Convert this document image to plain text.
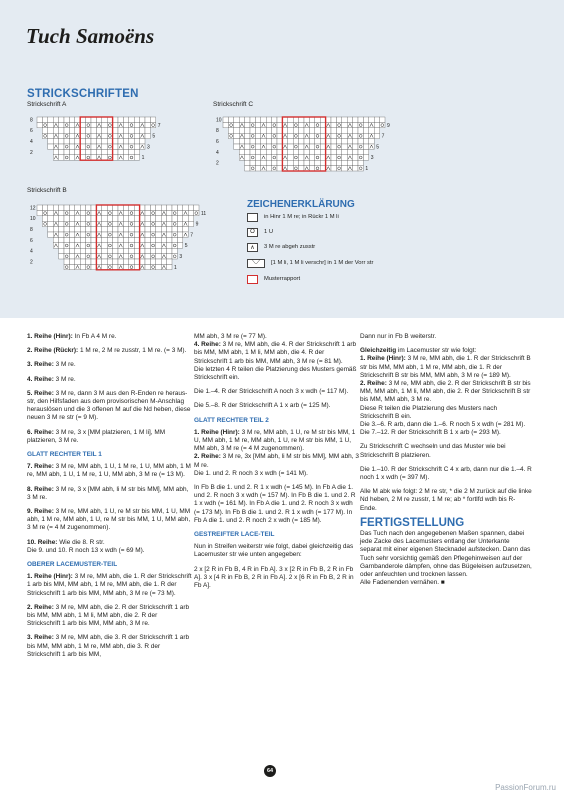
Tuch Samoëns
STRICKSCHRIFTEN
Strickschrift A
8
6
4
2
7
5
3
1
Strickschrift C
10
8
6
4
2
9
7
5
3
1
Strickschrift B
12
10
8
6
4
2
11
9
7
5
3
1
ZEICHENERKLÄRUNG
in Hinr 1 M re; in Rückr 1 M li
O	1 U
∧	3 M re abgeh zusstr
⟍⟋	[1 M li, 1 M li verschr] in 1 M der Vorr str
Musterrapport

1. Reihe (Hinr): In Fb A 4 M re.

2. Reihe (Rückr): 1 M re, 2 M re zusstr, 1 M re. (= 3 M).

3. Reihe: 3 M re.

4. Reihe: 3 M re.

5. Reihe: 3 M re, dann 3 M aus den R-Enden re herausstr, den Hilfsfaden aus dem provisorischen M-Anschlag herauslösen und die 3 offenen M auf die Nd heben, diese neuen 3 M re str (= 9 M).

6. Reihe: 3 M re, 3 x [MM platzieren, 1 M li], MM platzieren, 3 M re.

GLATT RECHTER TEIL 1

7. Reihe: 3 M re, MM abh, 1 U, 1 M re, 1 U, MM abh, 1 M re, MM abh, 1 U, 1 M re, 1 U, MM abh, 3 M re (= 13 M).

8. Reihe: 3 M re, 3 x [MM abh, li M str bis MM], MM abh, 3 M re.

9. Reihe: 3 M re, MM abh, 1 U, re M str bis MM, 1 U, MM abh, 1 M re, MM abh, 1 U, re M str bis MM, 1 U, MM abh, 3 M re (= 4 M zugenommen).

10. Reihe: Wie die 8. R str.

Die 9. und 10. R noch 13 x wdh (= 69 M).

OBERER LACEMUSTER-TEIL

1. Reihe (Hinr): 3 M re, MM abh, die 1. R der Strickschrift 1 arb bis MM, MM abh, 1 M re, MM abh, die 1. R der Strickschrift 1 arb bis MM, MM abh, 3 M re (= 73 M).

2. Reihe: 3 M re, MM abh, die 2. R der Strickschrift 1 arb bis MM, MM abh, 1 M li, MM abh, die 2. R der Strickschrift 1 arb bis MM, MM abh, 3 M re.

3. Reihe: 3 M re, MM abh, die 3. R der Strickschrift 1 arb bis MM, MM abh, 1 M re, MM abh, die 3. R der Strickschrift 1 arb bis MM,

MM abh, 3 M re (= 77 M).

4. Reihe: 3 M re, MM abh, die 4. R der Strickschrift 1 arb bis MM, MM abh, 1 M li, MM abh, die 4. R der Strickschrift 1 arb bis MM, MM abh, 3 M re (= 81 M).

Die letzten 4 R teilen die Platzierung des Musters gemäß Strickschrift ein.

Die 1.–4. R der Strickschrift A noch 3 x wdh (= 117 M).

Die 5.–8. R der Strickschrift A 1 x arb (= 125 M).

GLATT RECHTER TEIL 2

1. Reihe (Hinr): 3 M re, MM abh, 1 U, re M str bis MM, 1 U, MM abh, 1 M re, MM abh, 1 U, re M str bis MM, 1 U, MM abh, 3 M re (= 4 M zugenommen).

2. Reihe: 3 M re, 3x [MM abh, li M str bis MM], MM abh, 3 M re.

Die 1. und 2. R noch 3 x wdh (= 141 M).

In Fb B die 1. und 2. R 1 x wdh (= 145 M). In Fb A die 1. und 2. R noch 3 x wdh (= 157 M). In Fb B die 1. und 2. R 1 x wdh (= 161 M). In Fb A die 1. und 2. R noch 3 x wdh (= 173 M). In Fb B die 1. und 2. R 1 x wdh (= 177 M). In Fb A die 1. und 2. R noch 2 x wdh (= 185 M).

GESTREIFTER LACE-TEIL

Nun in Streifen weiterstr wie folgt, dabei gleichzeitig das Lacemuster str wie unten angegeben:

2 x [2 R in Fb B, 4 R in Fb A]. 3 x [2 R in Fb B, 2 R in Fb A]. 3 x [4 R in Fb B, 2 R in Fb A]. 2 x [6 R in Fb B, 2 R in Fb A].

Dann nur in Fb B weiterstr.

Gleichzeitig im Lacemuster str wie folgt:

1. Reihe (Hinr): 3 M re, MM abh, die 1. R der Strickschrift B str bis MM, MM abh, 1 M re, MM abh, die 1. R der Strickschrift B str bis MM, MM abh, 3 M re (= 189 M).

2. Reihe: 3 M re, MM abh, die 2. R der Strickschrift B str bis MM, MM abh, 1 M li, MM abh, die 2. R der Strickschrift B str bis MM, MM abh, 3 M re.

Diese R teilen die Platzierung des Musters nach Strickschrift B ein.

Die 3.–6. R arb, dann die 1.–6. R noch 5 x wdh (= 281 M).

Die 7.–12. R der Strickschrift B 1 x arb (= 293 M).

Zu Strickschrift C wechseln und das Muster wie bei Strickschrift B platzieren.

Die 1.–10. R der Strickschrift C 4 x arb, dann nur die 1.–4. R noch 1 x wdh (= 397 M).

Alle M abk wie folgt: 2 M re str, * die 2 M zurück auf die linke Nd heben, 2 M re zusstr, 1 M re; ab * fortlfd wdh bis R-Ende.

FERTIGSTELLUNG

Das Tuch nach den angegebenen Maßen spannen, dabei jede Zacke des Lacemusters entlang der Unterkante separat mit einer eigenen Stecknadel aufstecken. Dann das Tuch sehr vorsichtig gemäß den Pflegehinweisen auf der Garnbanderole dämpfen, ohne das Bügeleisen aufzusetzen, oder anfeuchten und trocknen lassen.

Alle Fadenenden vernähen. ■

64
PassionForum.ru
